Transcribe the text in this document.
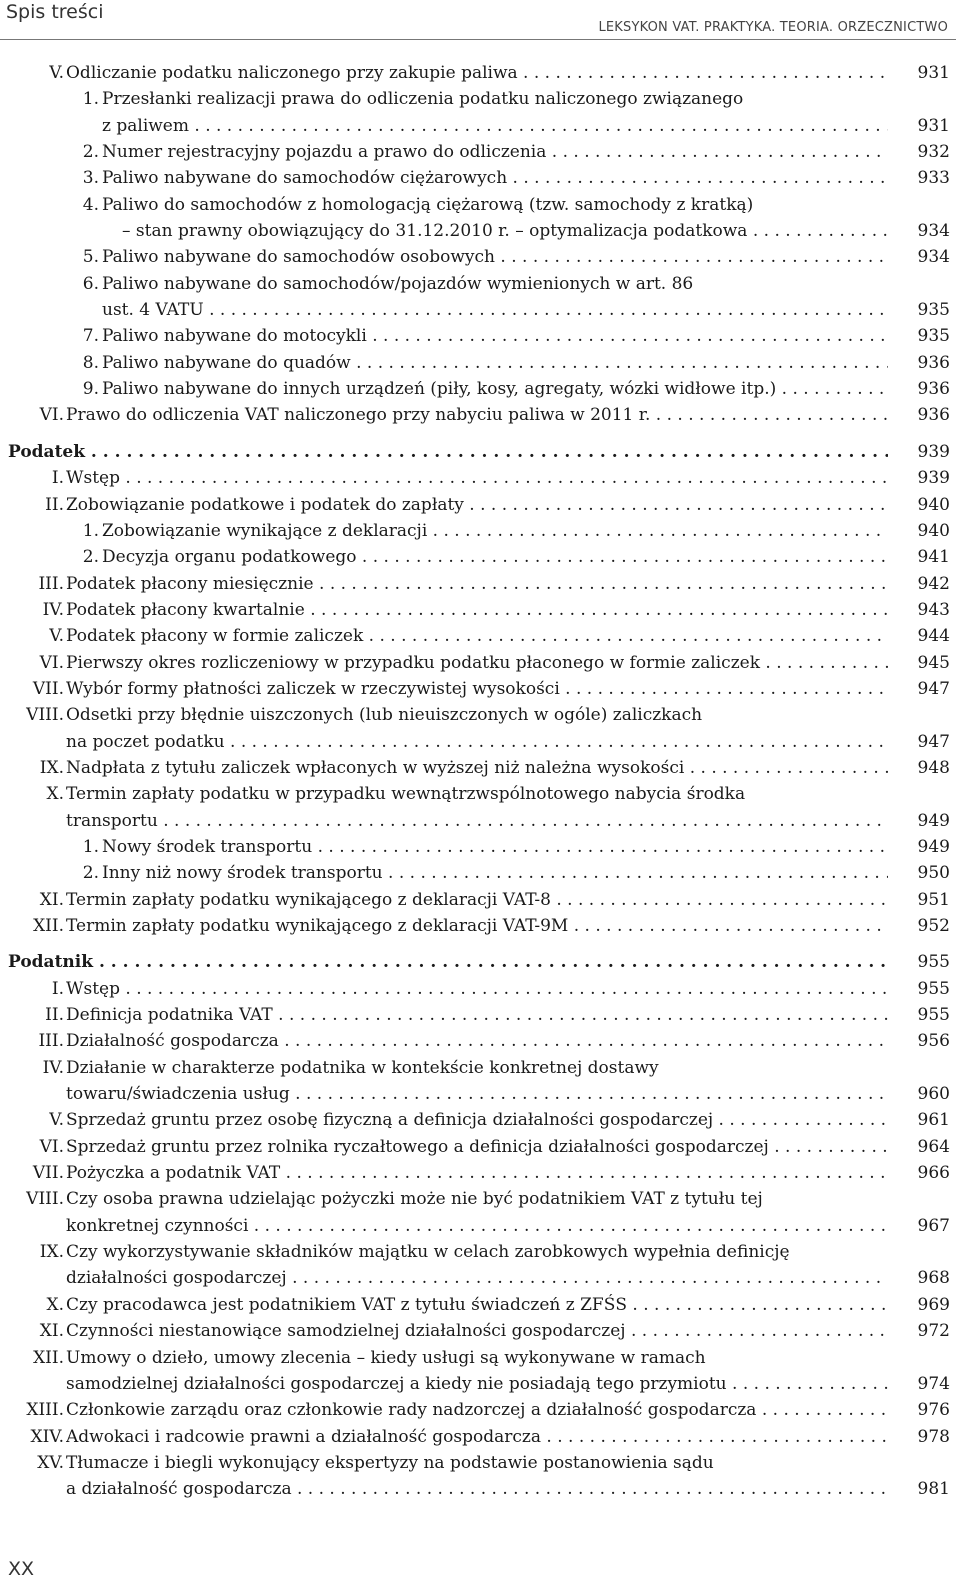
Spis treści
LEKSYKON VAT. PRAKTYKA. TEORIA. ORZECZNICTWO
V. Odliczanie podatku naliczonego przy zakupie paliwa . . .	931
1. Przesłanki realizacji prawa do odliczenia podatku naliczonego związanego
z paliwem . . .	931
2. Numer rejestracyjny pojazdu a prawo do odliczenia . . .	932
3. Paliwo nabywane do samochodów ciężarowych . . .	933
4. Paliwo do samochodów z homologacją ciężarową (tzw. samochody z kratką)
– stan prawny obowiązujący do 31.12.2010 r. – optymalizacja podatkowa . . .	934
5. Paliwo nabywane do samochodów osobowych . . .	934
6. Paliwo nabywane do samochodów/pojazdów wymienionych w art. 86
ust. 4 VATU . . .	935
7. Paliwo nabywane do motocykli . . .	935
8. Paliwo nabywane do quadów . . .	936
9. Paliwo nabywane do innych urządzeń (piły, kosy, agregaty, wózki widłowe itp.) . . .	936
VI. Prawo do odliczenia VAT naliczonego przy nabyciu paliwa w 2011 r. . . .	936
Podatek . . .	939
I. Wstęp . . .	939
II. Zobowiązanie podatkowe i podatek do zapłaty . . .	940
1. Zobowiązanie wynikające z deklaracji . . .	940
2. Decyzja organu podatkowego . . .	941
III. Podatek płacony miesięcznie . . .	942
IV. Podatek płacony kwartalnie . . .	943
V. Podatek płacony w formie zaliczek . . .	944
VI. Pierwszy okres rozliczeniowy w przypadku podatku płaconego w formie zaliczek . . .	945
VII. Wybór formy płatności zaliczek w rzeczywistej wysokości . . .	947
VIII. Odsetki przy błędnie uiszczonych (lub nieuiszczonych w ogóle) zaliczkach
na poczet podatku . . .	947
IX. Nadpłata z tytułu zaliczek wpłaconych w wyższej niż należna wysokości . . .	948
X. Termin zapłaty podatku w przypadku wewnątrzwspólnotowego nabycia środka
transportu . . .	949
1. Nowy środek transportu . . .	949
2. Inny niż nowy środek transportu . . .	950
XI. Termin zapłaty podatku wynikającego z deklaracji VAT-8 . . .	951
XII. Termin zapłaty podatku wynikającego z deklaracji VAT-9M . . .	952
Podatnik . . .	955
I. Wstęp . . .	955
II. Definicja podatnika VAT . . .	955
III. Działalność gospodarcza . . .	956
IV. Działanie w charakterze podatnika w kontekście konkretnej dostawy
towaru/świadczenia usług . . .	960
V. Sprzedaż gruntu przez osobę fizyczną a definicja działalności gospodarczej . . .	961
VI. Sprzedaż gruntu przez rolnika ryczałtowego a definicja działalności gospodarczej . . .	964
VII. Pożyczka a podatnik VAT . . .	966
VIII. Czy osoba prawna udzielając pożyczki może nie być podatnikiem VAT z tytułu tej
konkretnej czynności . . .	967
IX. Czy wykorzystywanie składników majątku w celach zarobkowych wypełnia definicję
działalności gospodarczej . . .	968
X. Czy pracodawca jest podatnikiem VAT z tytułu świadczeń z ZFŚS . . .	969
XI. Czynności niestanowiące samodzielnej działalności gospodarczej . . .	972
XII. Umowy o dzieło, umowy zlecenia – kiedy usługi są wykonywane w ramach
samodzielnej działalności gospodarczej a kiedy nie posiadają tego przymiotu . . .	974
XIII. Członkowie zarządu oraz członkowie rady nadzorczej a działalność gospodarcza . . .	976
XIV. Adwokaci i radcowie prawni a działalność gospodarcza . . .	978
XV. Tłumacze i biegli wykonujący ekspertyzy na podstawie postanowienia sądu
a działalność gospodarcza . . .	981
XX
